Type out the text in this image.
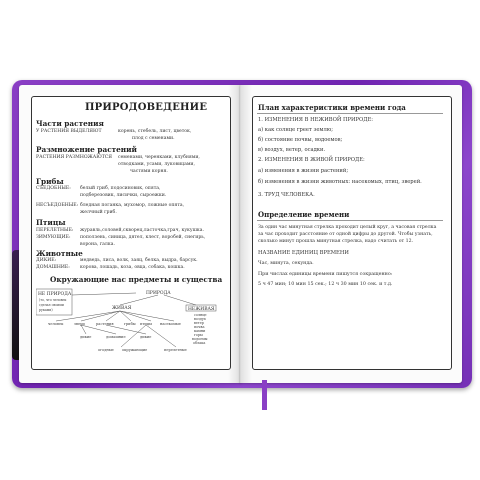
ПРИРОДОВЕДЕНИЕ
Части растения
У РАСТЕНИЯ ВЫДЕЛЯЮТ	корень, стебель, лист, цветок,
плод с семенами.
Размножение растений
РАСТЕНИЯ РАЗМНОЖАЮТСЯ семенами, черенками, клубнями,
отводками, усами, луковицами,
частями корня.
Грибы
СЪЕДОБНЫЕ: белый гриб, подосиновик, опята,
подберезовик, лисички, сыроежки.
НЕСЪЕДОБНЫЕ: бледная поганка, мухомор, ложные опята,
желчный гриб.
Птицы
ПЕРЕЛЕТНЫЕ: журавль,соловей,скворец,ласточка,грач, кукушка.
ЗИМУЮЩИЕ: поползень, синица, дятел, клест, воробей, снегирь,
ворона, галка.
Животные
ДИКИЕ:	медведь, лиса, волк, заяц, белка, выдра, барсук.
ДОМАШНИЕ: корова, лошадь, коза, овца, собака, кошка.
Окружающие нас предметы и существа
НЕ ПРИРОДА
(то, что человек
сделал своими
руками)
ПРИРОДА
ЖИВАЯ	НЕЖИВАЯ
человек	звери	растения	грибы птицы насекомые
дикие	домашние	дикие
огодные окружающие	перелетные
солнце
воздух
ветер
почва
камни
горы
водоемы
облака
План характеристики времени года
1. ИЗМЕНЕНИЯ В НЕЖИВОЙ ПРИРОДЕ:
а) как солнце греет землю;
б) состояние почвы, водоемов;
в) воздух, ветер, осадки.
2. ИЗМЕНЕНИЯ В ЖИВОЙ ПРИРОДЕ:
а) изменения в жизни растений;
б) изменения в жизни животных: насекомых, птиц, зверей.
3. ТРУД ЧЕЛОВЕКА.
Определение времени
За один час минутная стрелка проходит целый круг, а часовая стрелка
за час проходит расстояние от одной цифры до другой. Чтобы узнать,
сколько минут прошла минутная стрелка, надо считать от 12.
НАЗВАНИЕ ЕДИНИЦ ВРЕМЕНИ
Час, минута, секунда.
При числах единицы времени пишутся сокращенно:
5 ч 47 мин; 10 мин 15 сек.; 12 ч 30 мин 10 сек. и т.д.
